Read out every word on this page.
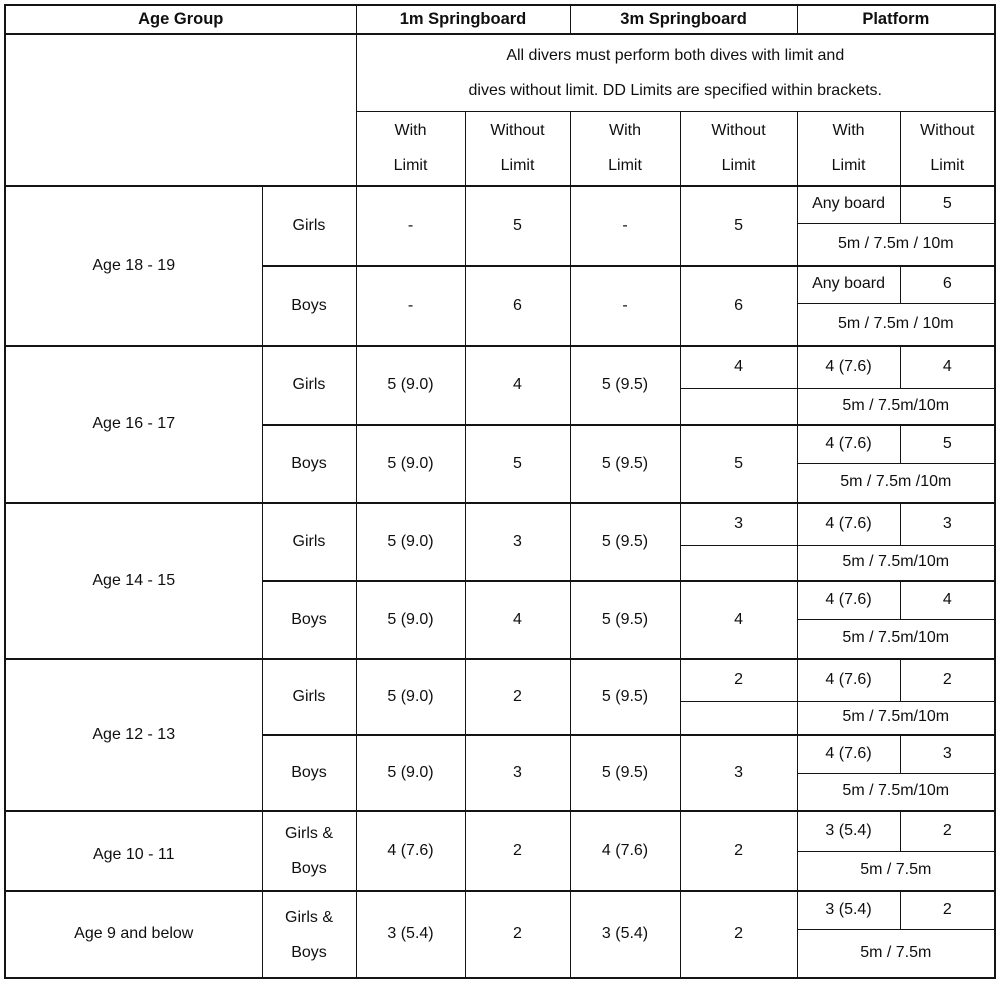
Age Group		1m Springboard		3m Springboard		Platform	

		All divers must perform both dives with limit and
dives without limit. DD Limits are specified within brackets.					

		With
Limit	Without
Limit	With
Limit	Without
Limit	With
Limit	Without
Limit

Age 18 - 19	Girls	-	5	-	5	Any board	5
						5m / 7.5m / 10m	
	Boys	-	6	-	6	Any board	6
						5m / 7.5m / 10m	
Age 16 - 17	Girls	5 (9.0)	4	5 (9.5)	4	4 (7.6)	4
						5m / 7.5m/10m	
	Boys	5 (9.0)	5	5 (9.5)	5	4 (7.6)	5
						5m / 7.5m /10m	
Age 14 - 15	Girls	5 (9.0)	3	5 (9.5)	3	4 (7.6)	3
						5m / 7.5m/10m	
	Boys	5 (9.0)	4	5 (9.5)	4	4 (7.6)	4
						5m / 7.5m/10m	
Age 12 - 13	Girls	5 (9.0)	2	5 (9.5)	2	4 (7.6)	2
						5m / 7.5m/10m	
	Boys	5 (9.0)	3	5 (9.5)	3	4 (7.6)	3
						5m / 7.5m/10m	

Age 10 - 11	Girls &
Boys	4 (7.6)	2	4 (7.6)	2	3 (5.4)	2
						5m / 7.5m	
Age 9 and below	Girls &
Boys	3 (5.4)	2	3 (5.4)	2	3 (5.4)	2
						5m / 7.5m	
